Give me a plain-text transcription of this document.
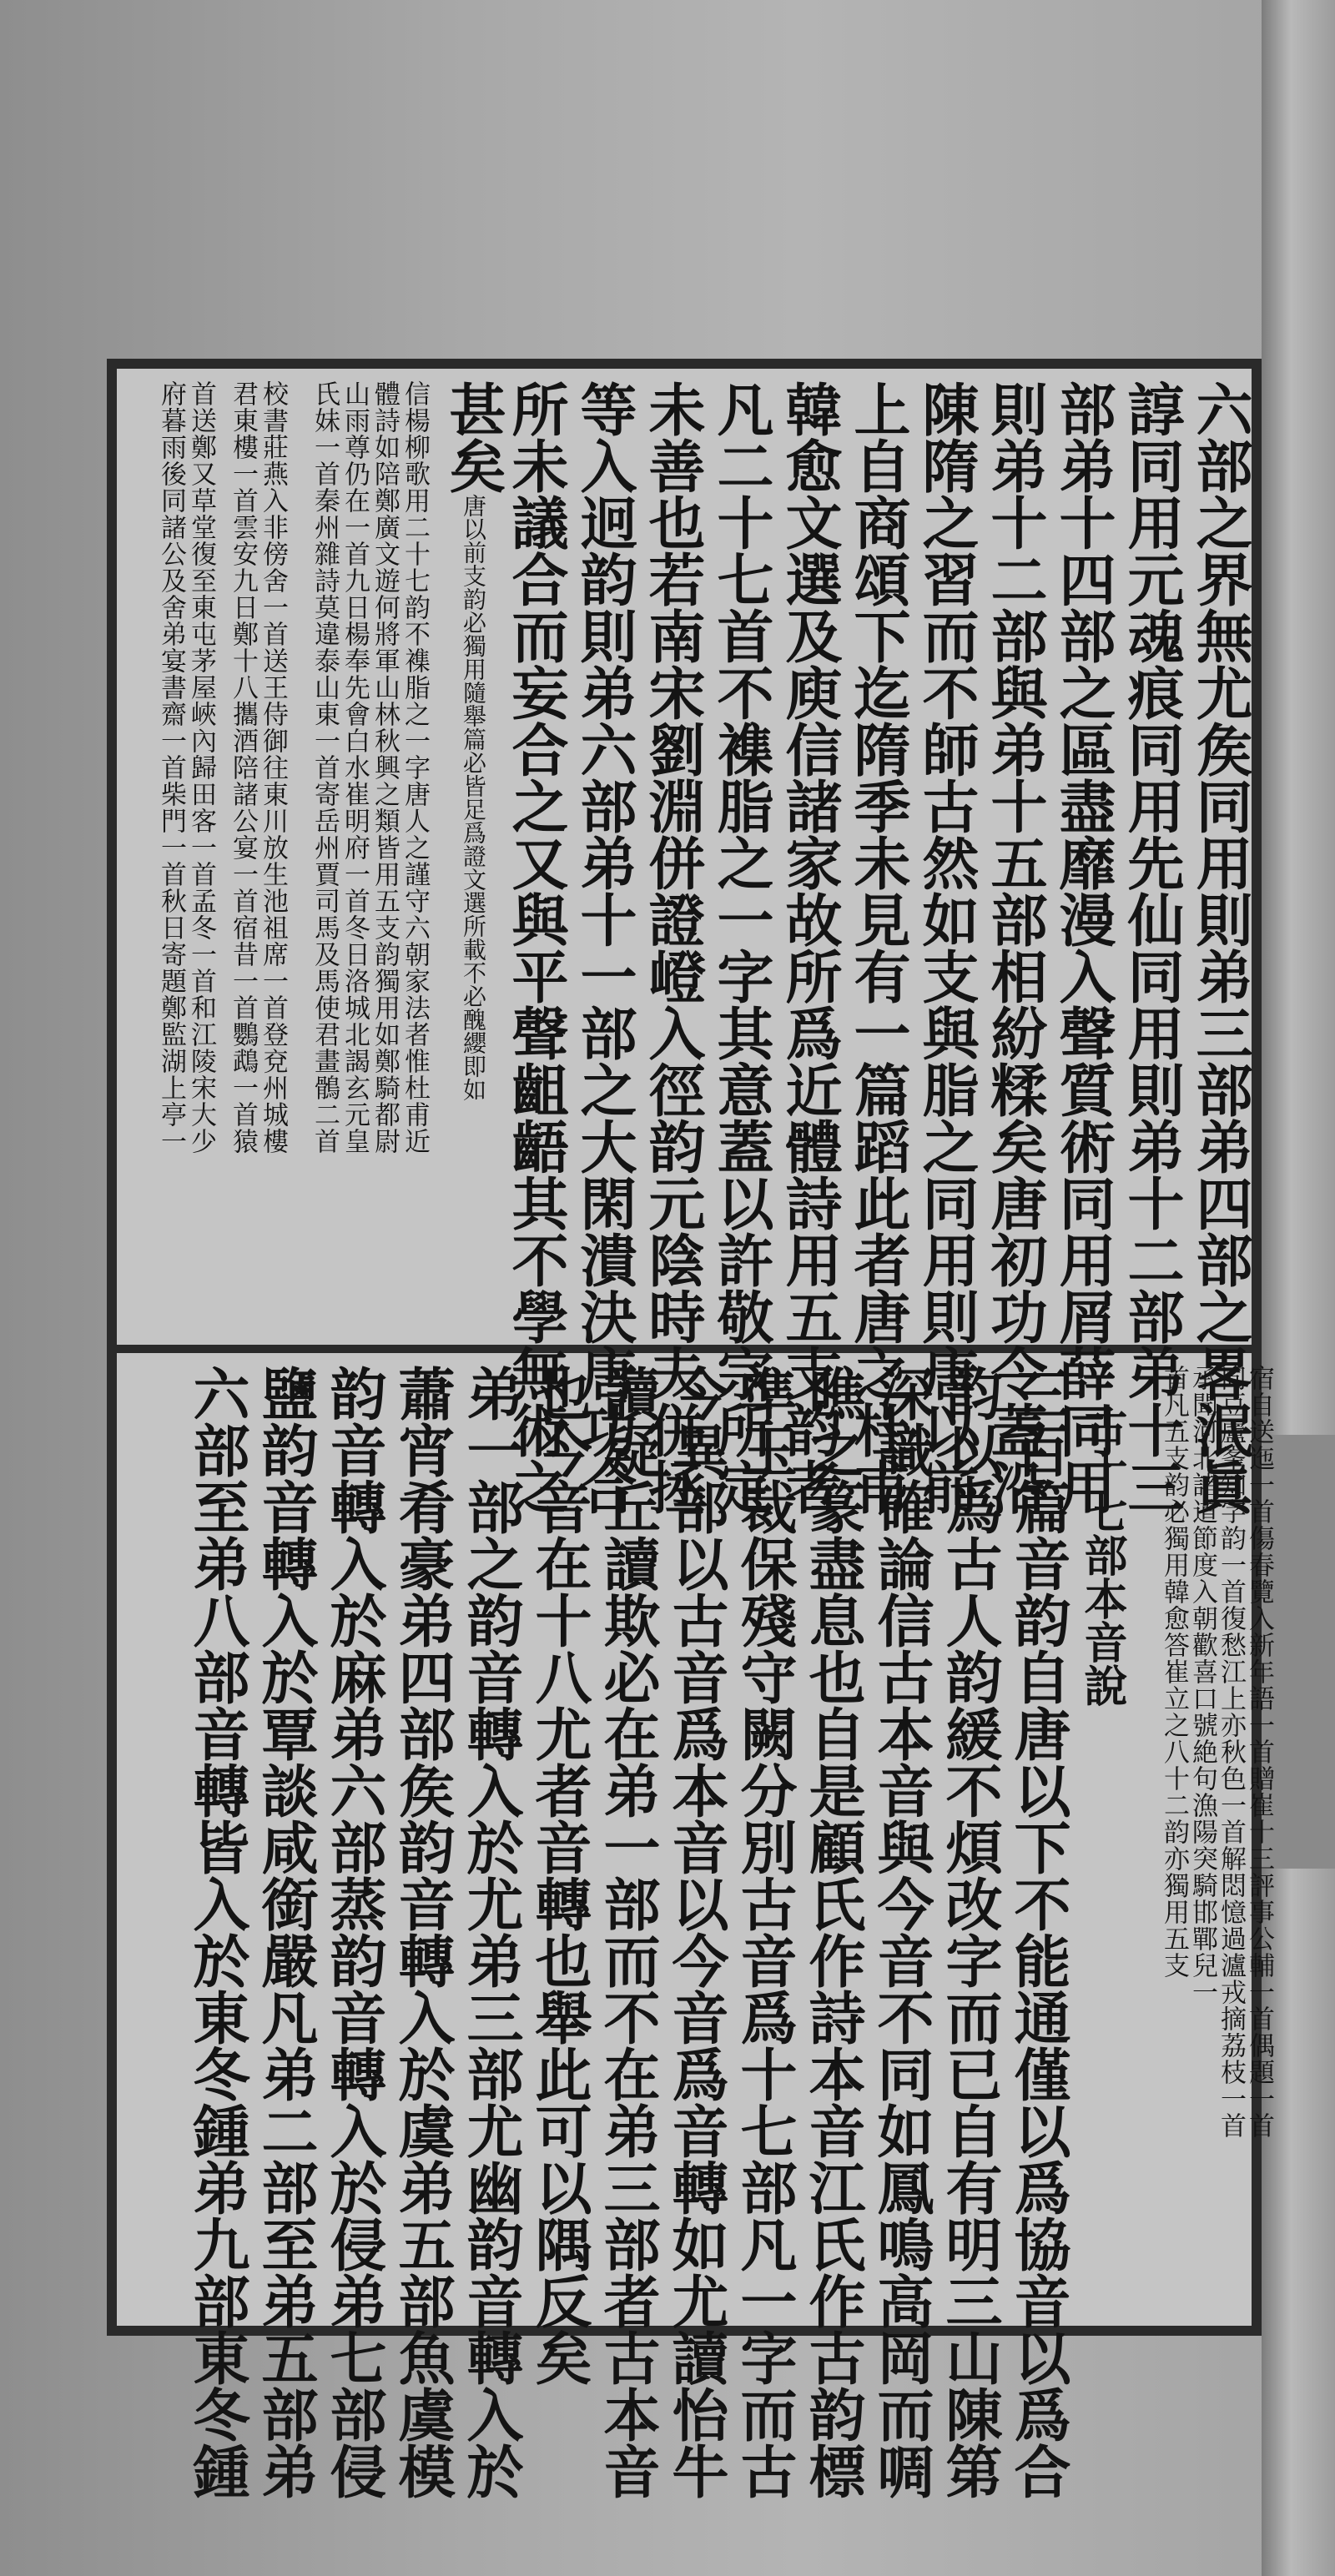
六部之界無尤矦同用則弟三部弟四部之畧泯眞
諄同用元魂痕同用先仙同用則弟十二部弟十三
部弟十四部之區盡靡漫入聲質術同用屑薛同用
則弟十二部與弟十五部相紛糅矣唐初功令蓋沿
陳隋之習而不師古然如支與脂之同用則唐以前
上自商頌下迄隋季未見有一篇蹈此者唐之杜甫
韓愈文選及庾信諸家故所爲近體詩用五支韵者
凡二十七首不襍脂之一字其意蓋以許敬宗所定
未善也若南宋劉淵併證嶝入徑韵元陰時夫併拯
等入迥韵則弟六部弟十一部之大閑潰決唐功合
所未議合而妄合之又與平聲齟齬其不學無術之
甚矣唐以前支韵必獨用隨舉篇必皆足爲證文選所載不必醜纓即如
信楊柳歌用二十七韵不襍脂之一字唐人之謹守六朝家法者惟杜甫近
體詩如陪鄭廣文遊何將軍山林秋興之類皆用五支韵獨用如鄭騎都尉
山雨尊仍在一首九日楊奉先會白水崔明府一首冬日洛城北謁玄元皇
氏妹一首秦州雜詩莫違泰山東一首寄岳州賈司馬及馬使君畫鶻二首
校書莊燕入非傍舍一首送王侍御往東川放生池祖席一首登兗州城樓
君東樓一首雲安九日鄭十八攜酒陪諸公宴一首宿昔一首鸚鵡一首猿
首送鄭又草堂復至東屯茅屋峽內歸田客一首孟冬一首和江陵宋大少
府暮雨後同諸公及舍弟宴書齋一首柴門一首秋日寄題鄭監湖上亭一
宿自送迤一首傷春覽入新年語一首贈崔十三評事公輔一首偶題一首
同豆盧峯知字韵一首復愁江上亦秋色一首解悶憶過瀘戎摘荔枝一首
承聞河北諸道節度入朝歡喜口號絶句漁陽突騎邯鄲兒一
首凡五支韵必獨用韓愈答崔立之八十二韵亦獨用五支
古十七部本音說
三百篇音韵自唐以下不能通僅以爲協音以爲合
韵以爲古人韵緩不煩改字而已自有明三山陳第
深識確論信古本音與今音不同如鳳鳴高岡而啁
噍之篆盡息也自是顧氏作詩本音江氏作古韵標
準玉裁保殘守闕分別古音爲十七部凡一字而古
今異部以古音爲本音以今音爲音轉如尤讀怡牛
讀疑丘讀欺必在弟一部而不在弟三部者古本音
也今音在十八尤者音轉也舉此可以隅反矣
弟一部之韵音轉入於尤弟三部尤幽韵音轉入於
蕭宵肴豪弟四部矦韵音轉入於虞弟五部魚虞模
韵音轉入於麻弟六部蒸韵音轉入於侵弟七部侵
鹽韵音轉入於覃談咸銜嚴凡弟二部至弟五部弟
六部至弟八部音轉皆入於東冬鍾弟九部東冬鍾
